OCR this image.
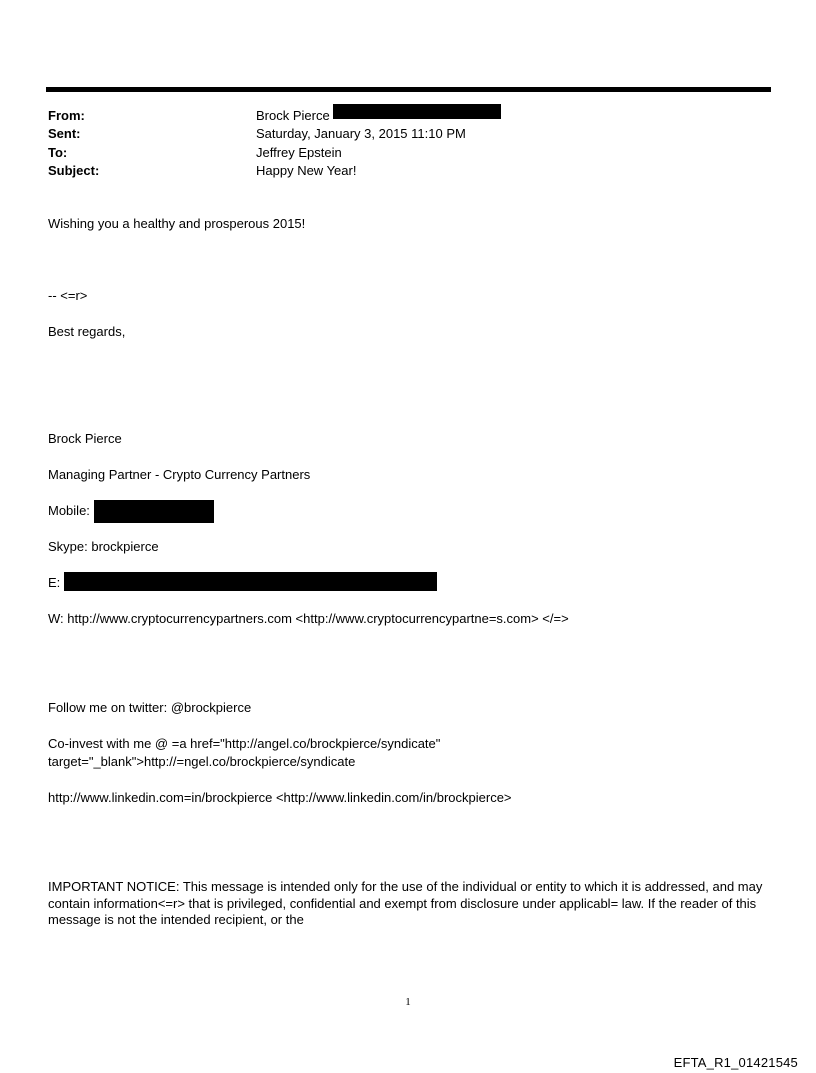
From:	Brock Pierce
Sent:	Saturday, January 3, 2015 11:10 PM
To:	Jeffrey Epstein
Subject:	Happy New Year!
Wishing you a healthy and prosperous 2015!
-- <=r>
Best regards,
Brock Pierce
Managing Partner - Crypto Currency Partners
Mobile:
Skype: brockpierce
E:
W: http://www.cryptocurrencypartners.com <http://www.cryptocurrencypartne=s.com> </=>
Follow me on twitter: @brockpierce
Co-invest with me @ =a href="http://angel.co/brockpierce/syndicate"
target="_blank">http://=ngel.co/brockpierce/syndicate
http://www.linkedin.com=in/brockpierce <http://www.linkedin.com/in/brockpierce>
IMPORTANT NOTICE: This message is intended only for the use of the individual or entity to which it is addressed, and may contain information<=r> that is privileged, confidential and exempt from disclosure under applicabl= law. If the reader of this message is not the intended recipient, or the
1
EFTA_R1_01421545
